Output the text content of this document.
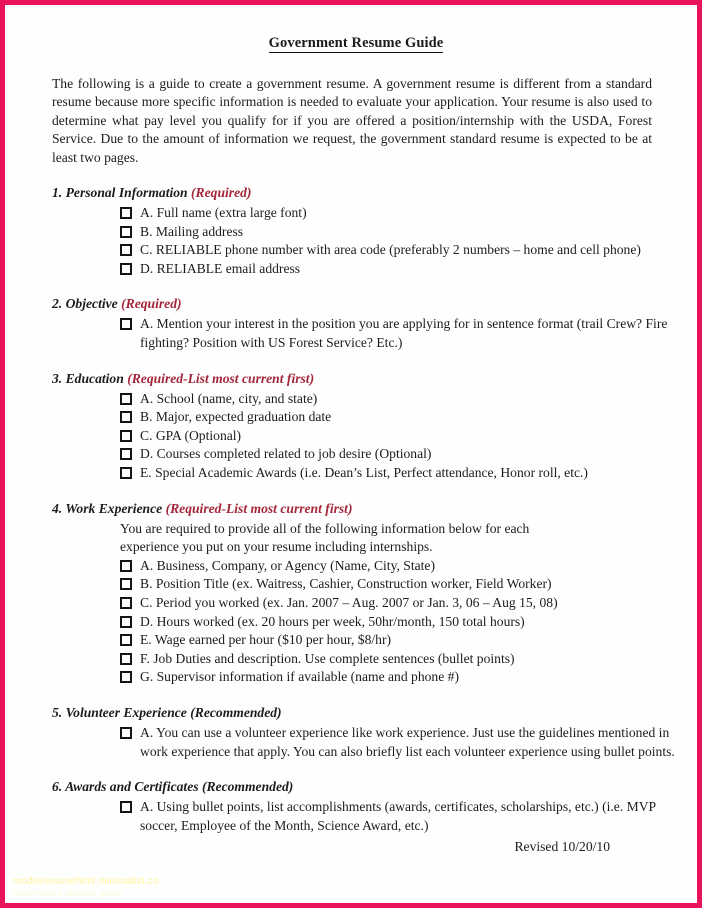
Government Resume Guide
The following is a guide to create a government resume. A government resume is different from a standard resume because more specific information is needed to evaluate your application. Your resume is also used to determine what pay level you qualify for if you are offered a position/internship with the USDA, Forest Service. Due to the amount of information we request, the government standard resume is expected to be at least two pages.
1. Personal Information (Required)
A. Full name (extra large font)
B. Mailing address
C. RELIABLE phone number with area code (preferably 2 numbers – home and cell phone)
D. RELIABLE email address
2. Objective (Required)
A. Mention your interest in the position you are applying for in sentence format (trail Crew? Fire fighting? Position with US Forest Service? Etc.)
3. Education (Required-List most current first)
A. School (name, city, and state)
B. Major, expected graduation date
C. GPA (Optional)
D. Courses completed related to job desire (Optional)
E. Special Academic Awards (i.e. Dean’s List, Perfect attendance, Honor roll, etc.)
4. Work Experience (Required-List most current first)
You are required to provide all of the following information below for each experience you put on your resume including internships.
A. Business, Company, or Agency (Name, City, State)
B. Position Title (ex. Waitress, Cashier, Construction worker, Field Worker)
C. Period you worked (ex. Jan. 2007 – Aug. 2007 or Jan. 3, 06 – Aug 15, 08)
D. Hours worked (ex. 20 hours per week, 50hr/month, 150 total hours)
E. Wage earned per hour ($10 per hour, $8/hr)
F. Job Duties and description. Use complete sentences (bullet points)
G. Supervisor information if available (name and phone #)
5. Volunteer Experience (Recommended)
A. You can use a volunteer experience like work experience. Just use the guidelines mentioned in work experience that apply. You can also briefly list each volunteer experience using bullet points.
6. Awards and Certificates (Recommended)
A. Using bullet points, list accomplishments (awards, certificates, scholarships, etc.) (i.e. MVP soccer, Employee of the Month, Science Award, etc.)
Revised 10/20/10
modelresumehtml.minimalist.co
government resume guide
